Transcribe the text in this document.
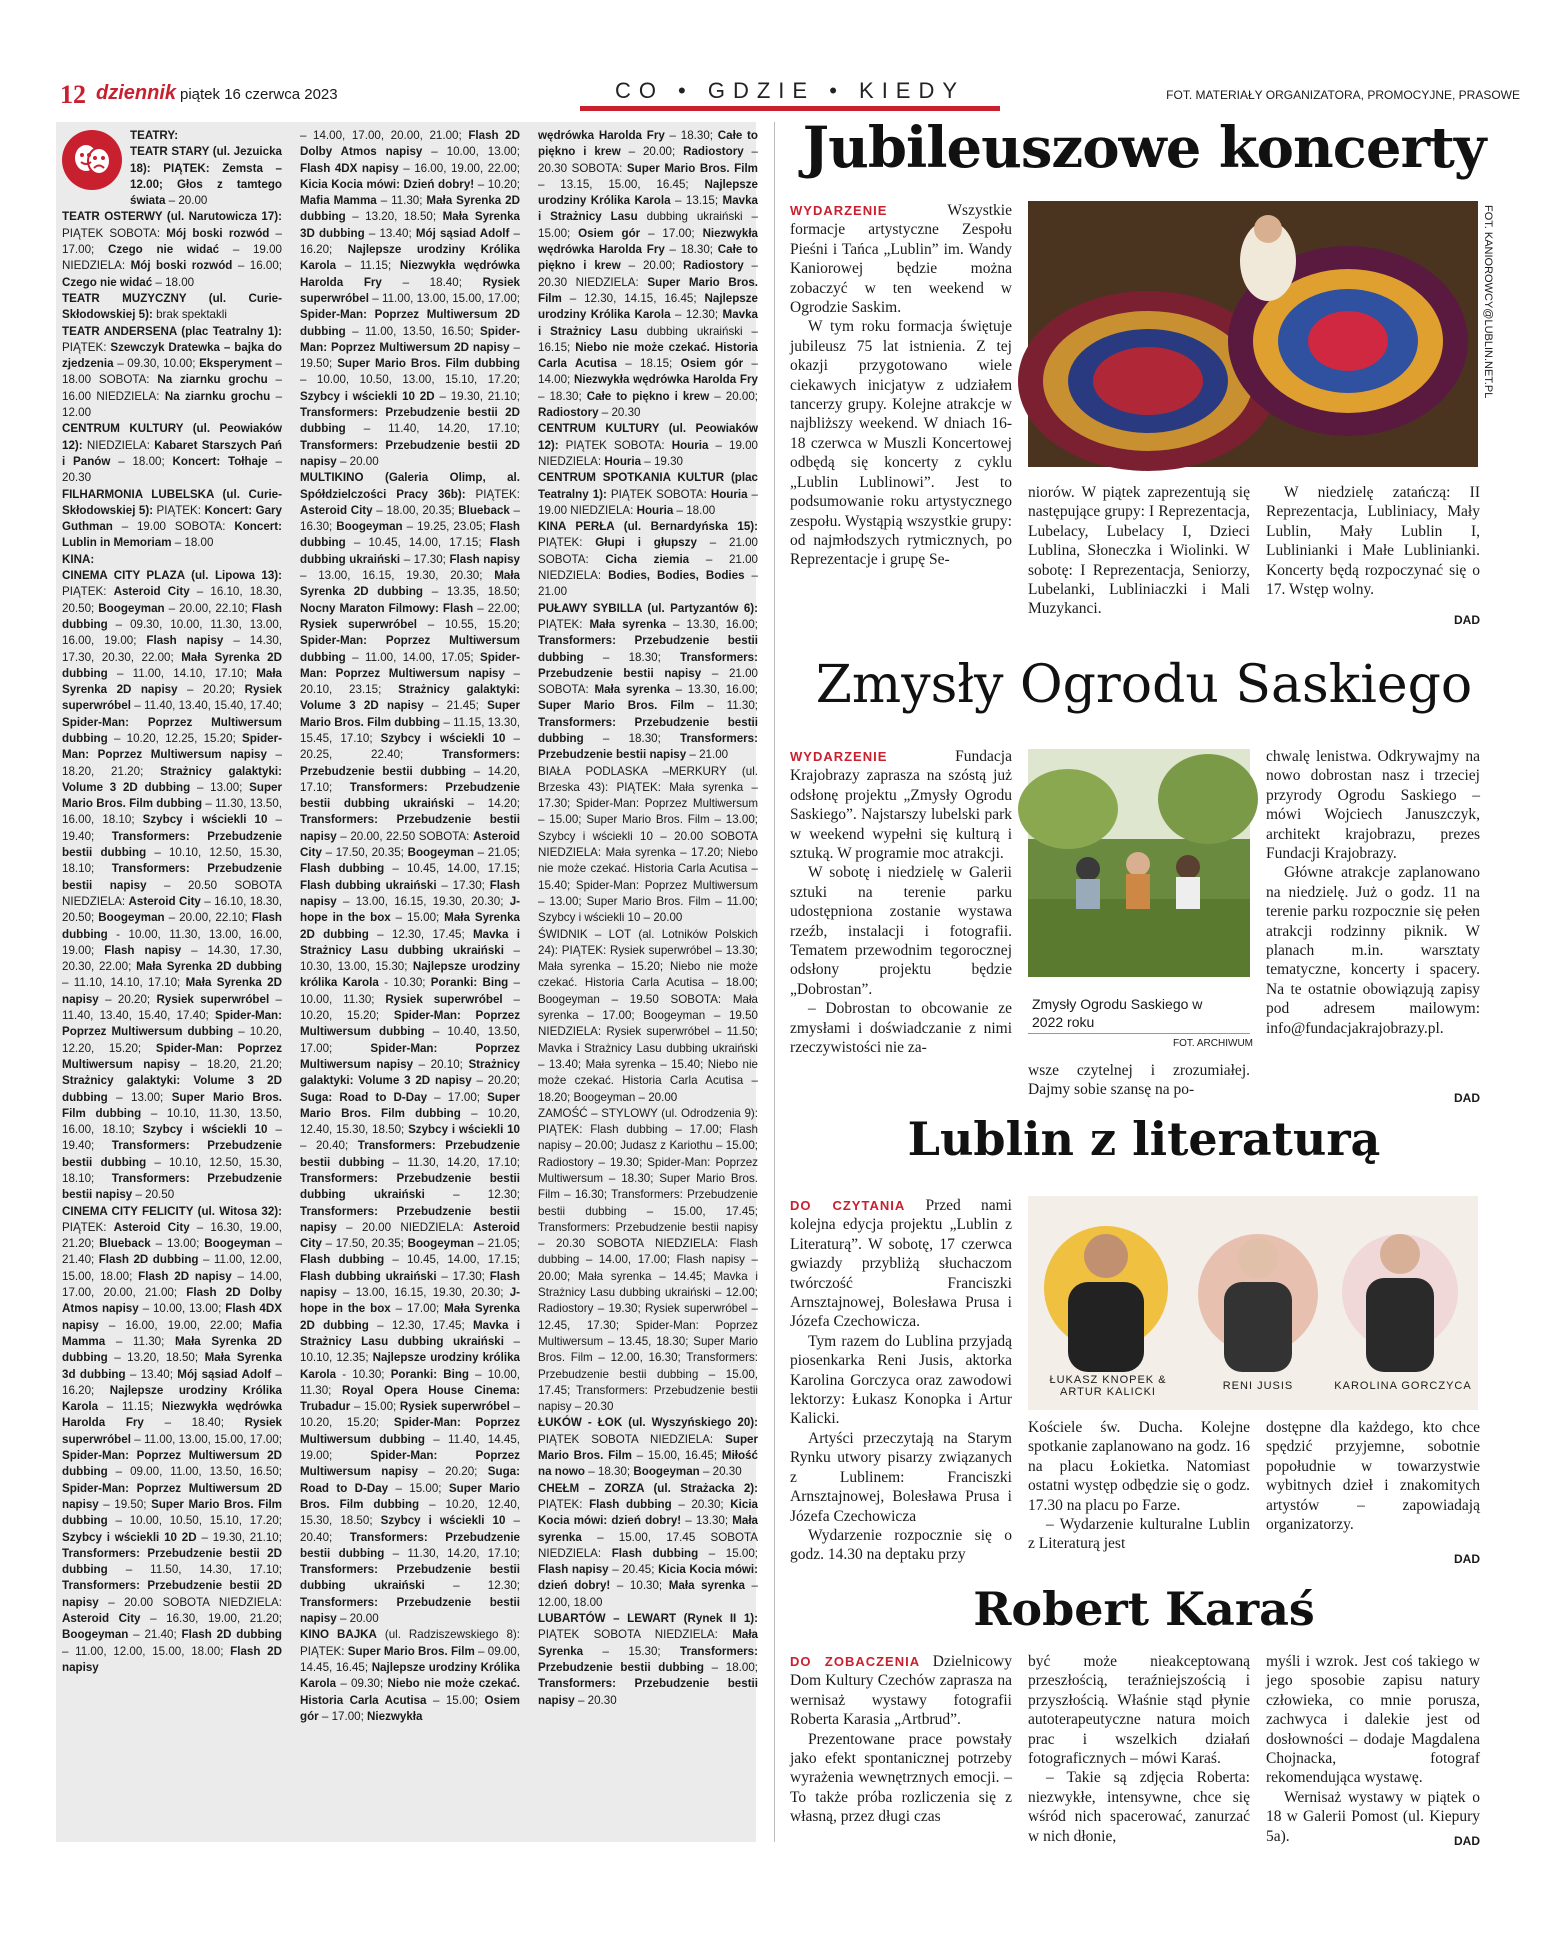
12 dziennik piątek 16 czerwca 2023	CO • GDZIE • KIEDY	FOT. MATERIAŁY ORGANIZATORA, PROMOCYJNE, PRASOWE
TEATRY:
TEATR STARY (ul. Jezuicka 18): PIĄTEK: Zemsta – 12.00; Głos z tamtego świata – 20.00
TEATR OSTERWY (ul. Narutowicza 17): PIĄTEK SOBOTA: Mój boski rozwód – 17.00; Czego nie widać – 19.00 NIEDZIELA: Mój boski rozwód – 16.00; Czego nie widać – 18.00
TEATR MUZYCZNY (ul. Curie-Skłodowskiej 5): brak spektakli
TEATR ANDERSENA (plac Teatralny 1): PIĄTEK: Szewczyk Dratewka – bajka do zjedzenia – 09.30, 10.00; Eksperyment – 18.00 SOBOTA: Na ziarnku grochu – 16.00 NIEDZIELA: Na ziarnku grochu – 12.00
CENTRUM KULTURY (ul. Peowiaków 12): NIEDZIELA: Kabaret Starszych Pań i Panów – 18.00; Koncert: Tołhaje – 20.30
FILHARMONIA LUBELSKA (ul. Curie-Skłodowskiej 5): PIĄTEK: Koncert: Gary Guthman – 19.00 SOBOTA: Koncert: Lublin in Memoriam – 18.00
KINA:
CINEMA CITY PLAZA (ul. Lipowa 13): PIĄTEK: Asteroid City – 16.10, 18.30, 20.50; Boogeyman – 20.00, 22.10; Flash dubbing – 09.30, 10.00, 11.30, 13.00, 16.00, 19.00; Flash napisy – 14.30, 17.30, 20.30, 22.00; Mała Syrenka 2D dubbing – 11.00, 14.10, 17.10; Mała Syrenka 2D napisy – 20.20; Rysiek superwróbel – 11.40, 13.40, 15.40, 17.40; Spider-Man: Poprzez Multiwersum dubbing – 10.20, 12.25, 15.20; Spider-Man: Poprzez Multiwersum napisy – 18.20, 21.20; Strażnicy galaktyki: Volume 3 2D dubbing – 13.00; Super Mario Bros. Film dubbing – 11.30, 13.50, 16.00, 18.10; Szybcy i wściekli 10 – 19.40; Transformers: Przebudzenie bestii dubbing – 10.10, 12.50, 15.30, 18.10; Transformers: Przebudzenie bestii napisy – 20.50 SOBOTA NIEDZIELA: Asteroid City – 16.10, 18.30, 20.50; Boogeyman – 20.00, 22.10; Flash dubbing - 10.00, 11.30, 13.00, 16.00, 19.00; Flash napisy – 14.30, 17.30, 20.30, 22.00; Mała Syrenka 2D dubbing – 11.10, 14.10, 17.10; Mała Syrenka 2D napisy – 20.20; Rysiek superwróbel – 11.40, 13.40, 15.40, 17.40; Spider-Man: Poprzez Multiwersum dubbing – 10.20, 12.20, 15.20; Spider-Man: Poprzez Multiwersum napisy – 18.20, 21.20; Strażnicy galaktyki: Volume 3 2D dubbing – 13.00; Super Mario Bros. Film dubbing – 10.10, 11.30, 13.50, 16.00, 18.10; Szybcy i wściekli 10 – 19.40; Transformers: Przebudzenie bestii dubbing – 10.10, 12.50, 15.30, 18.10; Transformers: Przebudzenie bestii napisy – 20.50
CINEMA CITY FELICITY (ul. Witosa 32): PIĄTEK: Asteroid City – 16.30, 19.00, 21.20; Blueback – 13.00; Boogeyman – 21.40; Flash 2D dubbing – 11.00, 12.00, 15.00, 18.00; Flash 2D napisy – 14.00, 17.00, 20.00, 21.00; Flash 2D Dolby Atmos napisy – 10.00, 13.00; Flash 4DX napisy – 16.00, 19.00, 22.00; Mafia Mamma – 11.30; Mała Syrenka 2D dubbing – 13.20, 18.50; Mała Syrenka 3d dubbing – 13.40; Mój sąsiad Adolf – 16.20; Najlepsze urodziny Królika Karola – 11.15; Niezwykła wędrówka Harolda Fry – 18.40; Rysiek superwróbel – 11.00, 13.00, 15.00, 17.00; Spider-Man: Poprzez Multiwersum 2D dubbing – 09.00, 11.00, 13.50, 16.50; Spider-Man: Poprzez Multiwersum 2D napisy – 19.50; Super Mario Bros. Film dubbing – 10.00, 10.50, 15.10, 17.20; Szybcy i wściekli 10 2D – 19.30, 21.10; Transformers: Przebudzenie bestii 2D dubbing – 11.50, 14.30, 17.10; Transformers: Przebudzenie bestii 2D napisy – 20.00 SOBOTA NIEDZIELA: Asteroid City – 16.30, 19.00, 21.20; Boogeyman – 21.40; Flash 2D dubbing – 11.00, 12.00, 15.00, 18.00; Flash 2D napisy
– 14.00, 17.00, 20.00, 21.00; Flash 2D Dolby Atmos napisy – 10.00, 13.00; Flash 4DX napisy – 16.00, 19.00, 22.00; Kicia Kocia mówi: Dzień dobry! – 10.20; Mafia Mamma – 11.30; Mała Syrenka 2D dubbing – 13.20, 18.50; Mała Syrenka 3D dubbing – 13.40; Mój sąsiad Adolf – 16.20; Najlepsze urodziny Królika Karola – 11.15; Niezwykła wędrówka Harolda Fry – 18.40; Rysiek superwróbel – 11.00, 13.00, 15.00, 17.00; Spider-Man: Poprzez Multiwersum 2D dubbing – 11.00, 13.50, 16.50; Spider-Man: Poprzez Multiwersum 2D napisy – 19.50; Super Mario Bros. Film dubbing – 10.00, 10.50, 13.00, 15.10, 17.20; Szybcy i wściekli 10 2D – 19.30, 21.10; Transformers: Przebudzenie bestii 2D dubbing – 11.40, 14.20, 17.10; Transformers: Przebudzenie bestii 2D napisy – 20.00
MULTIKINO (Galeria Olimp, al. Spółdzielczości Pracy 36b): PIĄTEK: Asteroid City – 18.00, 20.35; Blueback – 16.30; Boogeyman – 19.25, 23.05; Flash dubbing – 10.45, 14.00, 17.15; Flash dubbing ukraiński – 17.30; Flash napisy – 13.00, 16.15, 19.30, 20.30; Mała Syrenka 2D dubbing – 13.35, 18.50; Nocny Maraton Filmowy: Flash – 22.00; Rysiek superwróbel – 10.55, 15.20; Spider-Man: Poprzez Multiwersum dubbing – 11.00, 14.00, 17.05; Spider-Man: Poprzez Multiwersum napisy – 20.10, 23.15; Strażnicy galaktyki: Volume 3 2D napisy – 21.45; Super Mario Bros. Film dubbing – 11.15, 13.30, 15.45, 17.10; Szybcy i wściekli 10 – 20.25, 22.40; Transformers: Przebudzenie bestii dubbing – 14.20, 17.10; Transformers: Przebudzenie bestii dubbing ukraiński – 14.20; Transformers: Przebudzenie bestii napisy – 20.00, 22.50 SOBOTA: Asteroid City – 17.50, 20.35; Boogeyman – 21.05; Flash dubbing – 10.45, 14.00, 17.15; Flash dubbing ukraiński – 17.30; Flash napisy – 13.00, 16.15, 19.30, 20.30; J-hope in the box – 15.00; Mała Syrenka 2D dubbing – 12.30, 17.45; Mavka i Strażnicy Lasu dubbing ukraiński – 10.30, 13.00, 15.30; Najlepsze urodziny królika Karola - 10.30; Poranki: Bing – 10.00, 11.30; Rysiek superwróbel – 10.20, 15.20; Spider-Man: Poprzez Multiwersum dubbing – 10.40, 13.50, 17.00; Spider-Man: Poprzez Multiwersum napisy – 20.10; Strażnicy galaktyki: Volume 3 2D napisy – 20.20; Suga: Road to D-Day – 17.00; Super Mario Bros. Film dubbing – 10.20, 12.40, 15.30, 18.50; Szybcy i wściekli 10 – 20.40; Transformers: Przebudzenie bestii dubbing – 11.30, 14.20, 17.10; Transformers: Przebudzenie bestii dubbing ukraiński – 12.30; Transformers: Przebudzenie bestii napisy – 20.00 NIEDZIELA: Asteroid City – 17.50, 20.35; Boogeyman – 21.05; Flash dubbing – 10.45, 14.00, 17.15; Flash dubbing ukraiński – 17.30; Flash napisy – 13.00, 16.15, 19.30, 20.30; J-hope in the box – 17.00; Mała Syrenka 2D dubbing – 12.30, 17.45; Mavka i Strażnicy Lasu dubbing ukraiński – 10.10, 12.35; Najlepsze urodziny królika Karola - 10.30; Poranki: Bing – 10.00, 11.30; Royal Opera House Cinema: Trubadur – 15.00; Rysiek superwróbel – 10.20, 15.20; Spider-Man: Poprzez Multiwersum dubbing – 11.40, 14.45, 19.00; Spider-Man: Poprzez Multiwersum napisy – 20.20; Suga: Road to D-Day – 15.00; Super Mario Bros. Film dubbing – 10.20, 12.40, 15.30, 18.50; Szybcy i wściekli 10 – 20.40; Transformers: Przebudzenie bestii dubbing – 11.30, 14.20, 17.10; Transformers: Przebudzenie bestii dubbing ukraiński – 12.30; Transformers: Przebudzenie bestii napisy – 20.00
KINO BAJKA (ul. Radziszewskiego 8): PIĄTEK: Super Mario Bros. Film – 09.00, 14.45, 16.45; Najlepsze urodziny Królika Karola – 09.30; Niebo nie może czekać. Historia Carla Acutisa – 15.00; Osiem gór – 17.00; Niezwykła
wędrówka Harolda Fry – 18.30; Całe to piękno i krew – 20.00; Radiostory – 20.30 SOBOTA: Super Mario Bros. Film – 13.15, 15.00, 16.45; Najlepsze urodziny Królika Karola – 13.15; Mavka i Strażnicy Lasu dubbing ukraiński – 15.00; Osiem gór – 17.00; Niezwykła wędrówka Harolda Fry – 18.30; Całe to piękno i krew – 20.00; Radiostory – 20.30 NIEDZIELA: Super Mario Bros. Film – 12.30, 14.15, 16.45; Najlepsze urodziny Królika Karola – 12.30; Mavka i Strażnicy Lasu dubbing ukraiński – 16.15; Niebo nie może czekać. Historia Carla Acutisa – 18.15; Osiem gór – 14.00; Niezwykła wędrówka Harolda Fry – 18.30; Całe to piękno i krew – 20.00; Radiostory – 20.30
CENTRUM KULTURY (ul. Peowiaków 12): PIĄTEK SOBOTA: Houria – 19.00 NIEDZIELA: Houria – 19.30
CENTRUM SPOTKANIA KULTUR (plac Teatralny 1): PIĄTEK SOBOTA: Houria – 19.00 NIEDZIELA: Houria – 18.00
KINA PERŁA (ul. Bernardyńska 15): PIĄTEK: Głupi i głupszy – 21.00 SOBOTA: Cicha ziemia – 21.00 NIEDZIELA: Bodies, Bodies, Bodies – 21.00
PUŁAWY SYBILLA (ul. Partyzantów 6): PIĄTEK: Mała syrenka – 13.30, 16.00; Transformers: Przebudzenie bestii dubbing – 18.30; Transformers: Przebudzenie bestii napisy – 21.00 SOBOTA: Mała syrenka – 13.30, 16.00; Super Mario Bros. Film – 11.30; Transformers: Przebudzenie bestii dubbing – 18.30; Transformers: Przebudzenie bestii napisy – 21.00
BIAŁA PODLASKA –MERKURY (ul. Brzeska 43): PIĄTEK: Mała syrenka – 17.30; Spider-Man: Poprzez Multiwersum – 15.00; Super Mario Bros. Film – 13.00; Szybcy i wściekli 10 – 20.00 SOBOTA NIEDZIELA: Mała syrenka – 17.20; Niebo nie może czekać. Historia Carla Acutisa – 15.40; Spider-Man: Poprzez Multiwersum – 13.00; Super Mario Bros. Film – 11.00; Szybcy i wściekli 10 – 20.00
ŚWIDNIK – LOT (al. Lotników Polskich 24): PIĄTEK: Rysiek superwróbel – 13.30; Mała syrenka – 15.20; Niebo nie może czekać. Historia Carla Acutisa – 18.00; Boogeyman – 19.50 SOBOTA: Mała syrenka – 17.00; Boogeyman – 19.50 NIEDZIELA: Rysiek superwróbel – 11.50; Mavka i Strażnicy Lasu dubbing ukraiński – 13.40; Mała syrenka – 15.40; Niebo nie może czekać. Historia Carla Acutisa – 18.20; Boogeyman – 20.00
ZAMOŚĆ – STYLOWY (ul. Odrodzenia 9): PIĄTEK: Flash dubbing – 17.00; Flash napisy – 20.00; Judasz z Kariothu – 15.00; Radiostory – 19.30; Spider-Man: Poprzez Multiwersum – 18.30; Super Mario Bros. Film – 16.30; Transformers: Przebudzenie bestii dubbing – 15.00, 17.45; Transformers: Przebudzenie bestii napisy – 20.30 SOBOTA NIEDZIELA: Flash dubbing – 14.00, 17.00; Flash napisy – 20.00; Mała syrenka – 14.45; Mavka i Strażnicy Lasu dubbing ukraiński – 12.00; Radiostory – 19.30; Rysiek superwróbel – 12.45, 17.30; Spider-Man: Poprzez Multiwersum – 13.45, 18.30; Super Mario Bros. Film – 12.00, 16.30; Transformers: Przebudzenie bestii dubbing – 15.00, 17.45; Transformers: Przebudzenie bestii napisy – 20.30
ŁUKÓW - ŁOK (ul. Wyszyńskiego 20): PIĄTEK SOBOTA NIEDZIELA: Super Mario Bros. Film – 15.00, 16.45; Miłość na nowo – 18.30; Boogeyman – 20.30
CHEŁM – ZORZA (ul. Strażacka 2): PIĄTEK: Flash dubbing – 20.30; Kicia Kocia mówi: dzień dobry! – 13.30; Mała syrenka – 15.00, 17.45 SOBOTA NIEDZIELA: Flash dubbing – 15.00; Flash napisy – 20.45; Kicia Kocia mówi: dzień dobry! – 10.30; Mała syrenka – 12.00, 18.00
LUBARTÓW – LEWART (Rynek II 1): PIĄTEK SOBOTA NIEDZIELA: Mała Syrenka – 15.30; Transformers: Przebudzenie bestii dubbing – 18.00; Transformers: Przebudzenie bestii napisy – 20.30
Jubileuszowe koncerty

WYDARZENIE	Wszystkie formacje artystyczne Zespołu Pieśni i Tańca „Lublin” im. Wandy Kaniorowej będzie można zobaczyć w ten weekend w Ogrodzie Saskim.

W tym roku formacja świętuje jubileusz 75 lat istnienia. Z tej okazji przygotowano wiele ciekawych inicjatyw z udziałem tancerzy grupy. Kolejne atrakcje w najbliższy weekend. W dniach 16-18 czerwca w Muszli Koncertowej odbędą się koncerty z cyklu „Lublin Lublinowi”. Jest to podsumowanie roku artystycznego zespołu. Wystąpią wszystkie grupy: od najmłodszych rytmicznych, po Reprezentacje i grupę Se-

FOT. KANIOROWCY@LUBLIN.NET.PL

niorów. W piątek zaprezentują się następujące grupy: I Reprezentacja, Lubelacy, Lubelacy I, Dzieci Lublina, Słoneczka i Wiolinki. W sobotę: I Reprezentacja, Seniorzy, Lubelanki, Lubliniaczki i Mali Muzykanci.

W niedzielę zatańczą: II Reprezentacja, Lubliniacy, Mały Lublin, Mały Lublin I, Lublinianki i Małe Lublinianki. Koncerty będą rozpoczynać się o 17. Wstęp wolny.

DAD
Zmysły Ogrodu Saskiego

WYDARZENIE	Fundacja Krajobrazy zaprasza na szóstą już odsłonę projektu „Zmysły Ogrodu Saskiego”. Najstarszy lubelski park w weekend wypełni się kulturą i sztuką. W programie moc atrakcji.

W sobotę i niedzielę w Galerii sztuki na terenie parku udostępniona zostanie wystawa rzeźb, instalacji i fotografii. Tematem przewodnim tegorocznej odsłony projektu będzie „Dobrostan”.

– Dobrostan to obcowanie ze zmysłami i doświadczanie z nimi rzeczywistości nie za-

Zmysły Ogrodu Saskiego w 2022 roku
FOT. ARCHIWUM

wsze czytelnej i zrozumiałej. Dajmy sobie szansę na po-

chwalę lenistwa. Odkrywajmy na nowo dobrostan nasz i trzeciej przyrody Ogrodu Saskiego – mówi Wojciech Januszczyk, architekt krajobrazu, prezes Fundacji Krajobrazy.

Główne atrakcje zaplanowano na niedzielę. Już o godz. 11 na terenie parku rozpocznie się pełen atrakcji rodzinny piknik. W planach m.in. warsztaty tematyczne, koncerty i spacery. Na te ostatnie obowiązują zapisy pod adresem mailowym: info@fundacjakrajobrazy.pl.

DAD
Lublin z literaturą

DO CZYTANIA Przed nami kolejna edycja projektu „Lublin z Literaturą”. W sobotę, 17 czerwca gwiazdy przybliżą słuchaczom twórczość Franciszki Arnsztajnowej, Bolesława Prusa i Józefa Czechowicza.

Tym razem do Lublina przyjadą piosenkarka Reni Jusis, aktorka Karolina Gorczyca oraz zawodowi lektorzy: Łukasz Konopka i Artur Kalicki.

Artyści przeczytają na Starym Rynku utwory pisarzy związanych z Lublinem: Franciszki Arnsztajnowej, Bolesława Prusa i Józefa Czechowicza

Wydarzenie rozpocznie się o godz. 14.30 na deptaku przy

ŁUKASZ KNOPEK & ARTUR KALICKI	RENI JUSIS	KAROLINA GORCZYCA

Kościele św. Ducha. Kolejne spotkanie zaplanowano na godz. 16 na placu Łokietka. Natomiast ostatni występ odbędzie się o godz. 17.30 na placu po Farze.

– Wydarzenie kulturalne Lublin z Literaturą jest

dostępne dla każdego, kto chce spędzić przyjemne, sobotnie popołudnie w towarzystwie wybitnych dzieł i znakomitych artystów – zapowiadają organizatorzy.

DAD
Robert Karaś

DO ZOBACZENIA Dzielnicowy Dom Kultury Czechów zaprasza na wernisaż wystawy fotografii Roberta Karasia „Artbrud”.

Prezentowane prace powstały jako efekt spontanicznej potrzeby wyrażenia wewnętrznych emocji. – To także próba rozliczenia się z własną, przez długi czas

być może nieakceptowaną przeszłością, teraźniejszością i przyszłością. Właśnie stąd płynie autoterapeutyczne natura moich prac i wszelkich działań fotograficznych – mówi Karaś.

– Takie są zdjęcia Roberta: niezwykłe, intensywne, chce się wśród nich spacerować, zanurzać w nich dłonie,

myśli i wzrok. Jest coś takiego w jego sposobie zapisu natury człowieka, co mnie porusza, zachwyca i dalekie jest od dosłowności – dodaje Magdalena Chojnacka, fotograf rekomendująca wystawę.

Wernisaż wystawy w piątek o 18 w Galerii Pomost (ul. Kiepury 5a).	DAD
